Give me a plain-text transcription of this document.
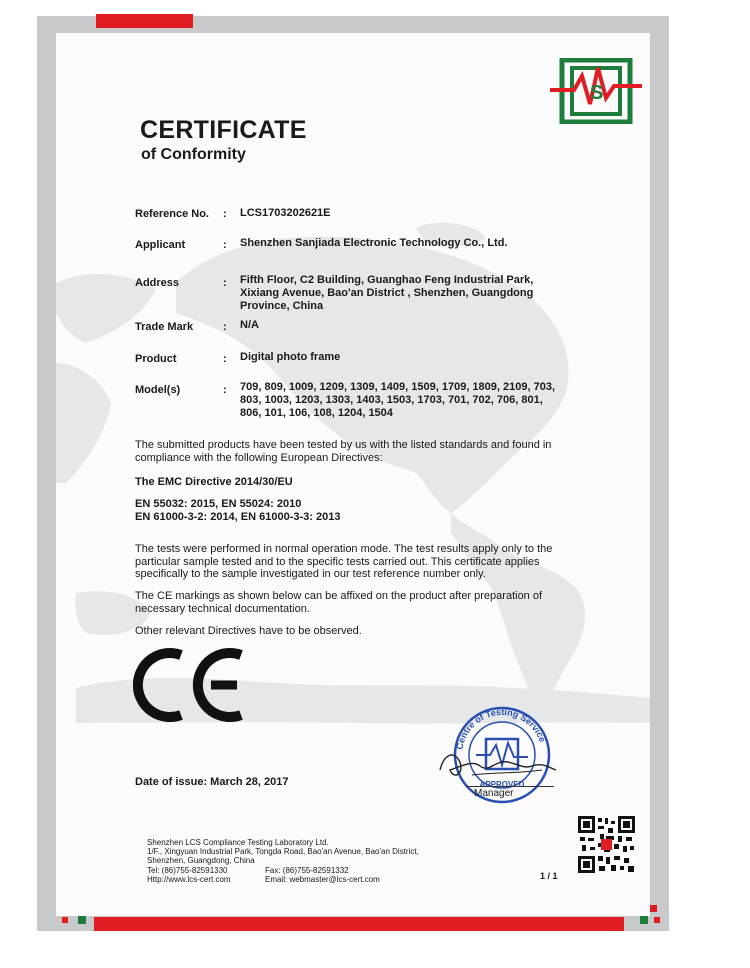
S
CERTIFICATE
of Conformity
Reference No. : LCS1703202621E
Applicant	: Shenzhen Sanjiada Electronic Technology Co., Ltd.
Address	: Fifth Floor, C2 Building, Guanghao Feng Industrial Park, Xixiang Avenue, Bao'an District , Shenzhen, Guangdong Province, China
Trade Mark	: N/A
Product	: Digital photo frame
Model(s)	: 709, 809, 1009, 1209, 1309, 1409, 1509, 1709, 1809, 2109, 703, 803, 1003, 1203, 1303, 1403, 1503, 1703, 701, 702, 706, 801, 806, 101, 106, 108, 1204, 1504
The submitted products have been tested by us with the listed standards and found in compliance with the following European Directives:
The EMC Directive 2014/30/EU
EN 55032: 2015, EN 55024: 2010
EN 61000-3-2: 2014, EN 61000-3-3: 2013
The tests were performed in normal operation mode. The test results apply only to the particular sample tested and to the specific tests carried out. This certificate applies specifically to the sample investigated in our test reference number only.
The CE markings as shown below can be affixed on the product after preparation of necessary technical documentation.
Other relevant Directives have to be observed.
Centre of Testing Service
APPROVED
Date of issue: March 28, 2017
Manager
Shenzhen LCS Compliance Testing Laboratory Ltd.
1/F., Xingyuan Industrial Park, Tongda Road, Bao'an Avenue, Bao'an District,
Shenzhen, Guangdong, China
Tel: (86)755-82591330	Fax: (86)755-82591332
Http://www.lcs-cert.com	Email: webmaster@lcs-cert.com	1 / 1
